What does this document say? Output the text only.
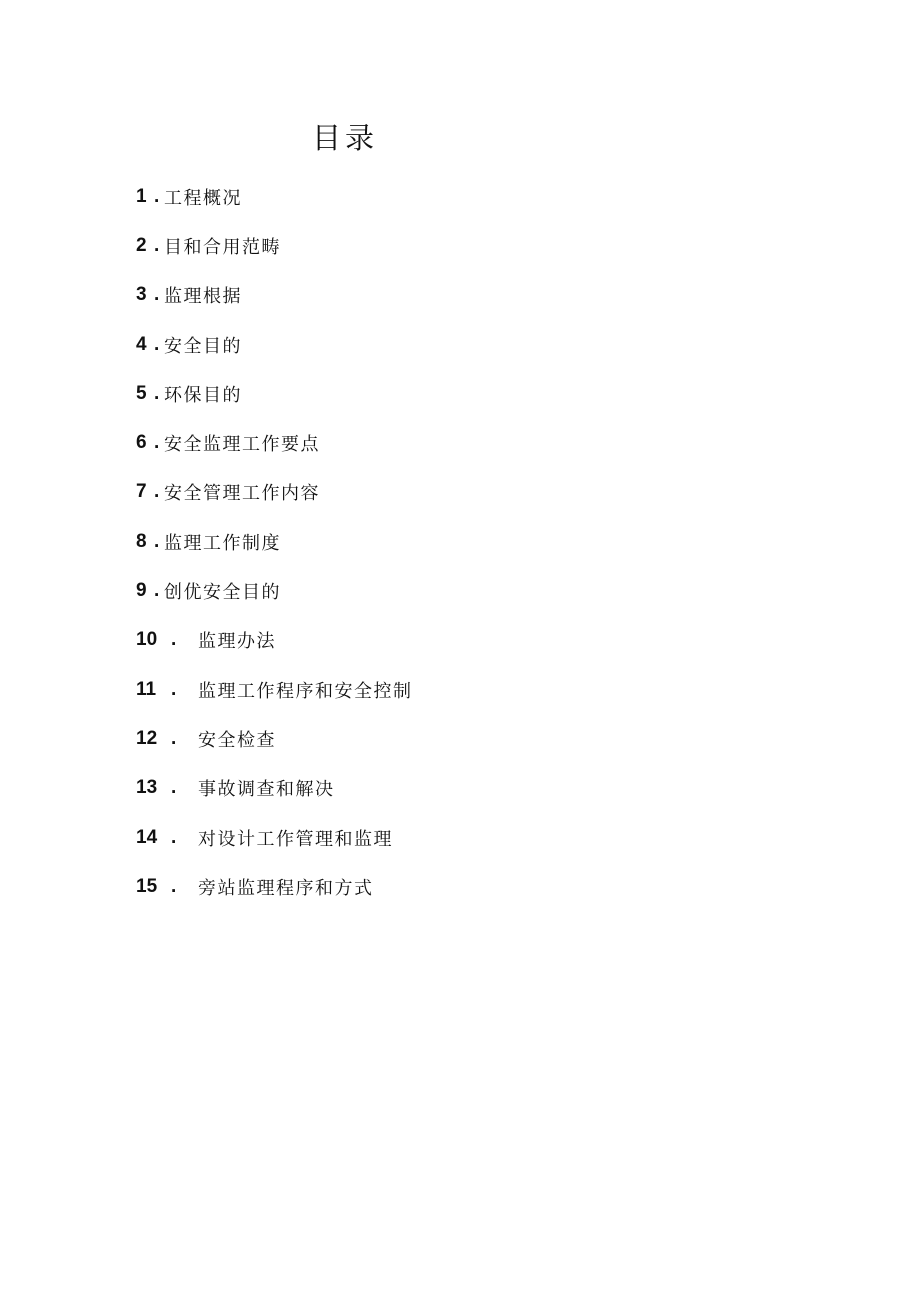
目录
1 . 工程概况
2 . 目和合用范畴
3 . 监理根据
4 . 安全目的
5 . 环保目的
6 . 安全监理工作要点
7 . 安全管理工作内容
8 . 监理工作制度
9 . 创优安全目的
10 .	监理办法
11 .	监理工作程序和安全控制
12 .	安全检查
13 .	事故调查和解决
14 .	对设计工作管理和监理
15 .	旁站监理程序和方式
